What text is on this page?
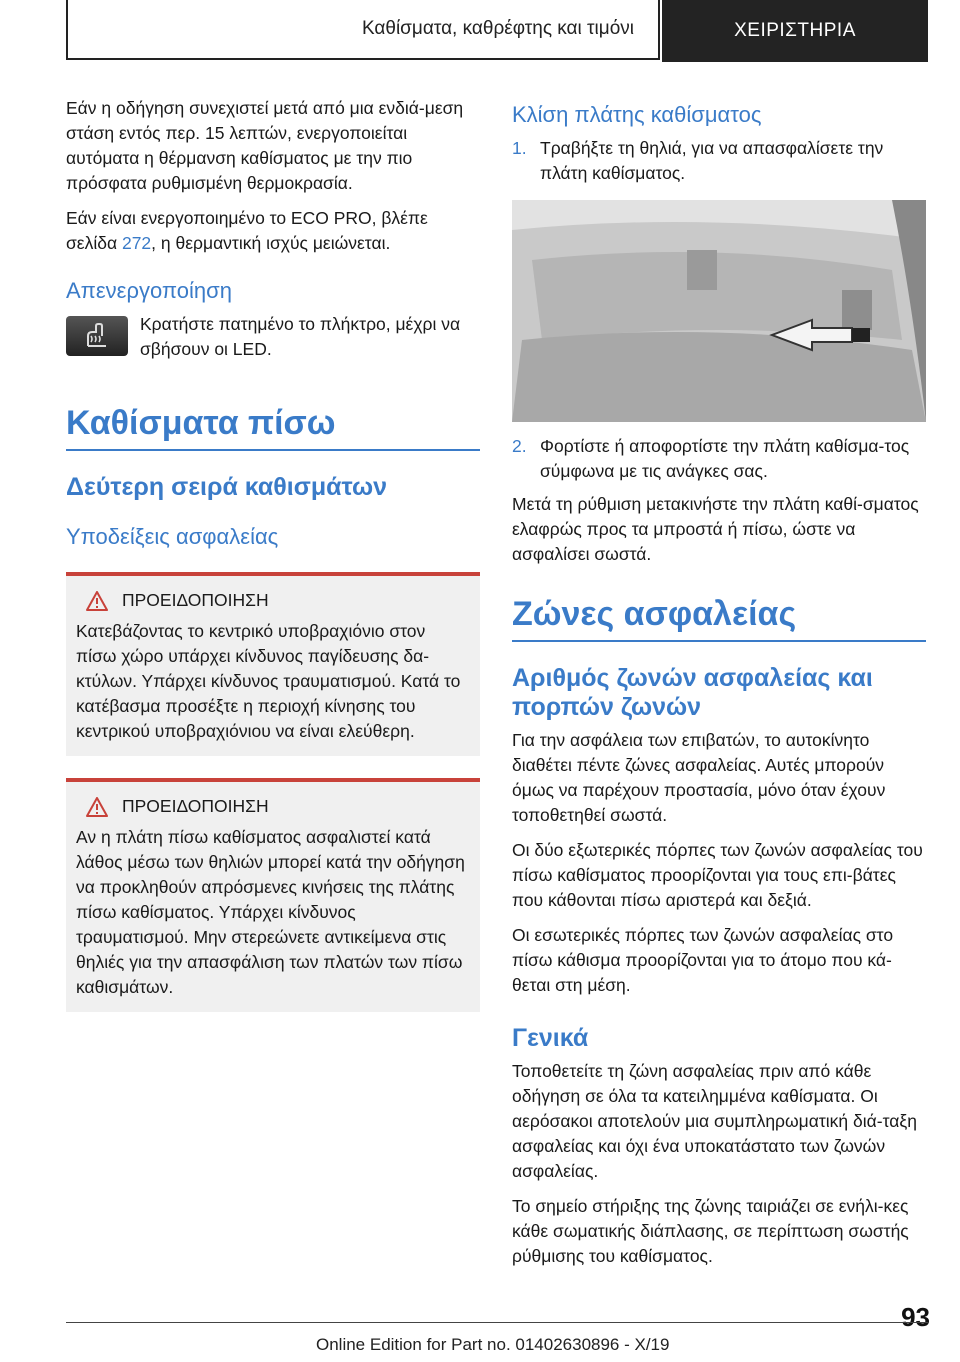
Καθίσματα, καθρέφτης και τιμόνι	ΧΕΙΡΙΣΤΗΡΙΑ

Εάν η οδήγηση συνεχιστεί μετά από μια ενδιά-μεση στάση εντός περ. 15 λεπτών, ενεργοποιείται αυτόματα η θέρμανση καθίσματος με την πιο πρόσφατα ρυθμισμένη θερμοκρασία.

Εάν είναι ενεργοποιημένο το ECO PRO, βλέπε σελίδα 272, η θερμαντική ισχύς μειώνεται.

Απενεργοποίηση

Κρατήστε πατημένο το πλήκτρο, μέχρι να σβήσουν οι LED.

Καθίσματα πίσω
Δεύτερη σειρά καθισμάτων
Υποδείξεις ασφαλείας
ΠΡΟΕΙΔΟΠΟΙΗΣΗ

Κατεβάζοντας το κεντρικό υποβραχιόνιο στον πίσω χώρο υπάρχει κίνδυνος παγίδευσης δα-κτύλων. Υπάρχει κίνδυνος τραυματισμού. Κατά το κατέβασμα προσέξτε η περιοχή κίνησης του κεντρικού υποβραχιόνιου να είναι ελεύθερη.

ΠΡΟΕΙΔΟΠΟΙΗΣΗ

Αν η πλάτη πίσω καθίσματος ασφαλιστεί κατά λάθος μέσω των θηλιών μπορεί κατά την οδήγηση να προκληθούν απρόσμενες κινήσεις της πλάτης πίσω καθίσματος. Υπάρχει κίνδυνος τραυματισμού. Μην στερεώνετε αντικείμενα στις θηλιές για την απασφάλιση των πλατών των πίσω καθισμάτων.

Κλίση πλάτης καθίσματος
1. Τραβήξτε τη θηλιά, για να απασφαλίσετε την πλάτη καθίσματος.
2. Φορτίστε ή αποφορτίστε την πλάτη καθίσμα-τος σύμφωνα με τις ανάγκες σας.

Μετά τη ρύθμιση μετακινήστε την πλάτη καθί-σματος ελαφρώς προς τα μπροστά ή πίσω, ώστε να ασφαλίσει σωστά.

Ζώνες ασφαλείας
Αριθμός ζωνών ασφαλείας και πορπών ζωνών

Για την ασφάλεια των επιβατών, το αυτοκίνητο διαθέτει πέντε ζώνες ασφαλείας. Αυτές μπορούν όμως να παρέχουν προστασία, μόνο όταν έχουν τοποθετηθεί σωστά.

Οι δύο εξωτερικές πόρπες των ζωνών ασφαλείας του πίσω καθίσματος προορίζονται για τους επι-βάτες που κάθονται πίσω αριστερά και δεξιά.

Οι εσωτερικές πόρπες των ζωνών ασφαλείας στο πίσω κάθισμα προορίζονται για το άτομο που κά-θεται στη μέση.

Γενικά

Τοποθετείτε τη ζώνη ασφαλείας πριν από κάθε οδήγηση σε όλα τα κατειλημμένα καθίσματα. Οι αερόσακοι αποτελούν μια συμπληρωματική διά-ταξη ασφαλείας και όχι ένα υποκατάστατο των ζωνών ασφαλείας.

Το σημείο στήριξης της ζώνης ταιριάζει σε ενήλι-κες κάθε σωματικής διάπλασης, σε περίπτωση σωστής ρύθμισης του καθίσματος.

93
Online Edition for Part no. 01402630896 - X/19
